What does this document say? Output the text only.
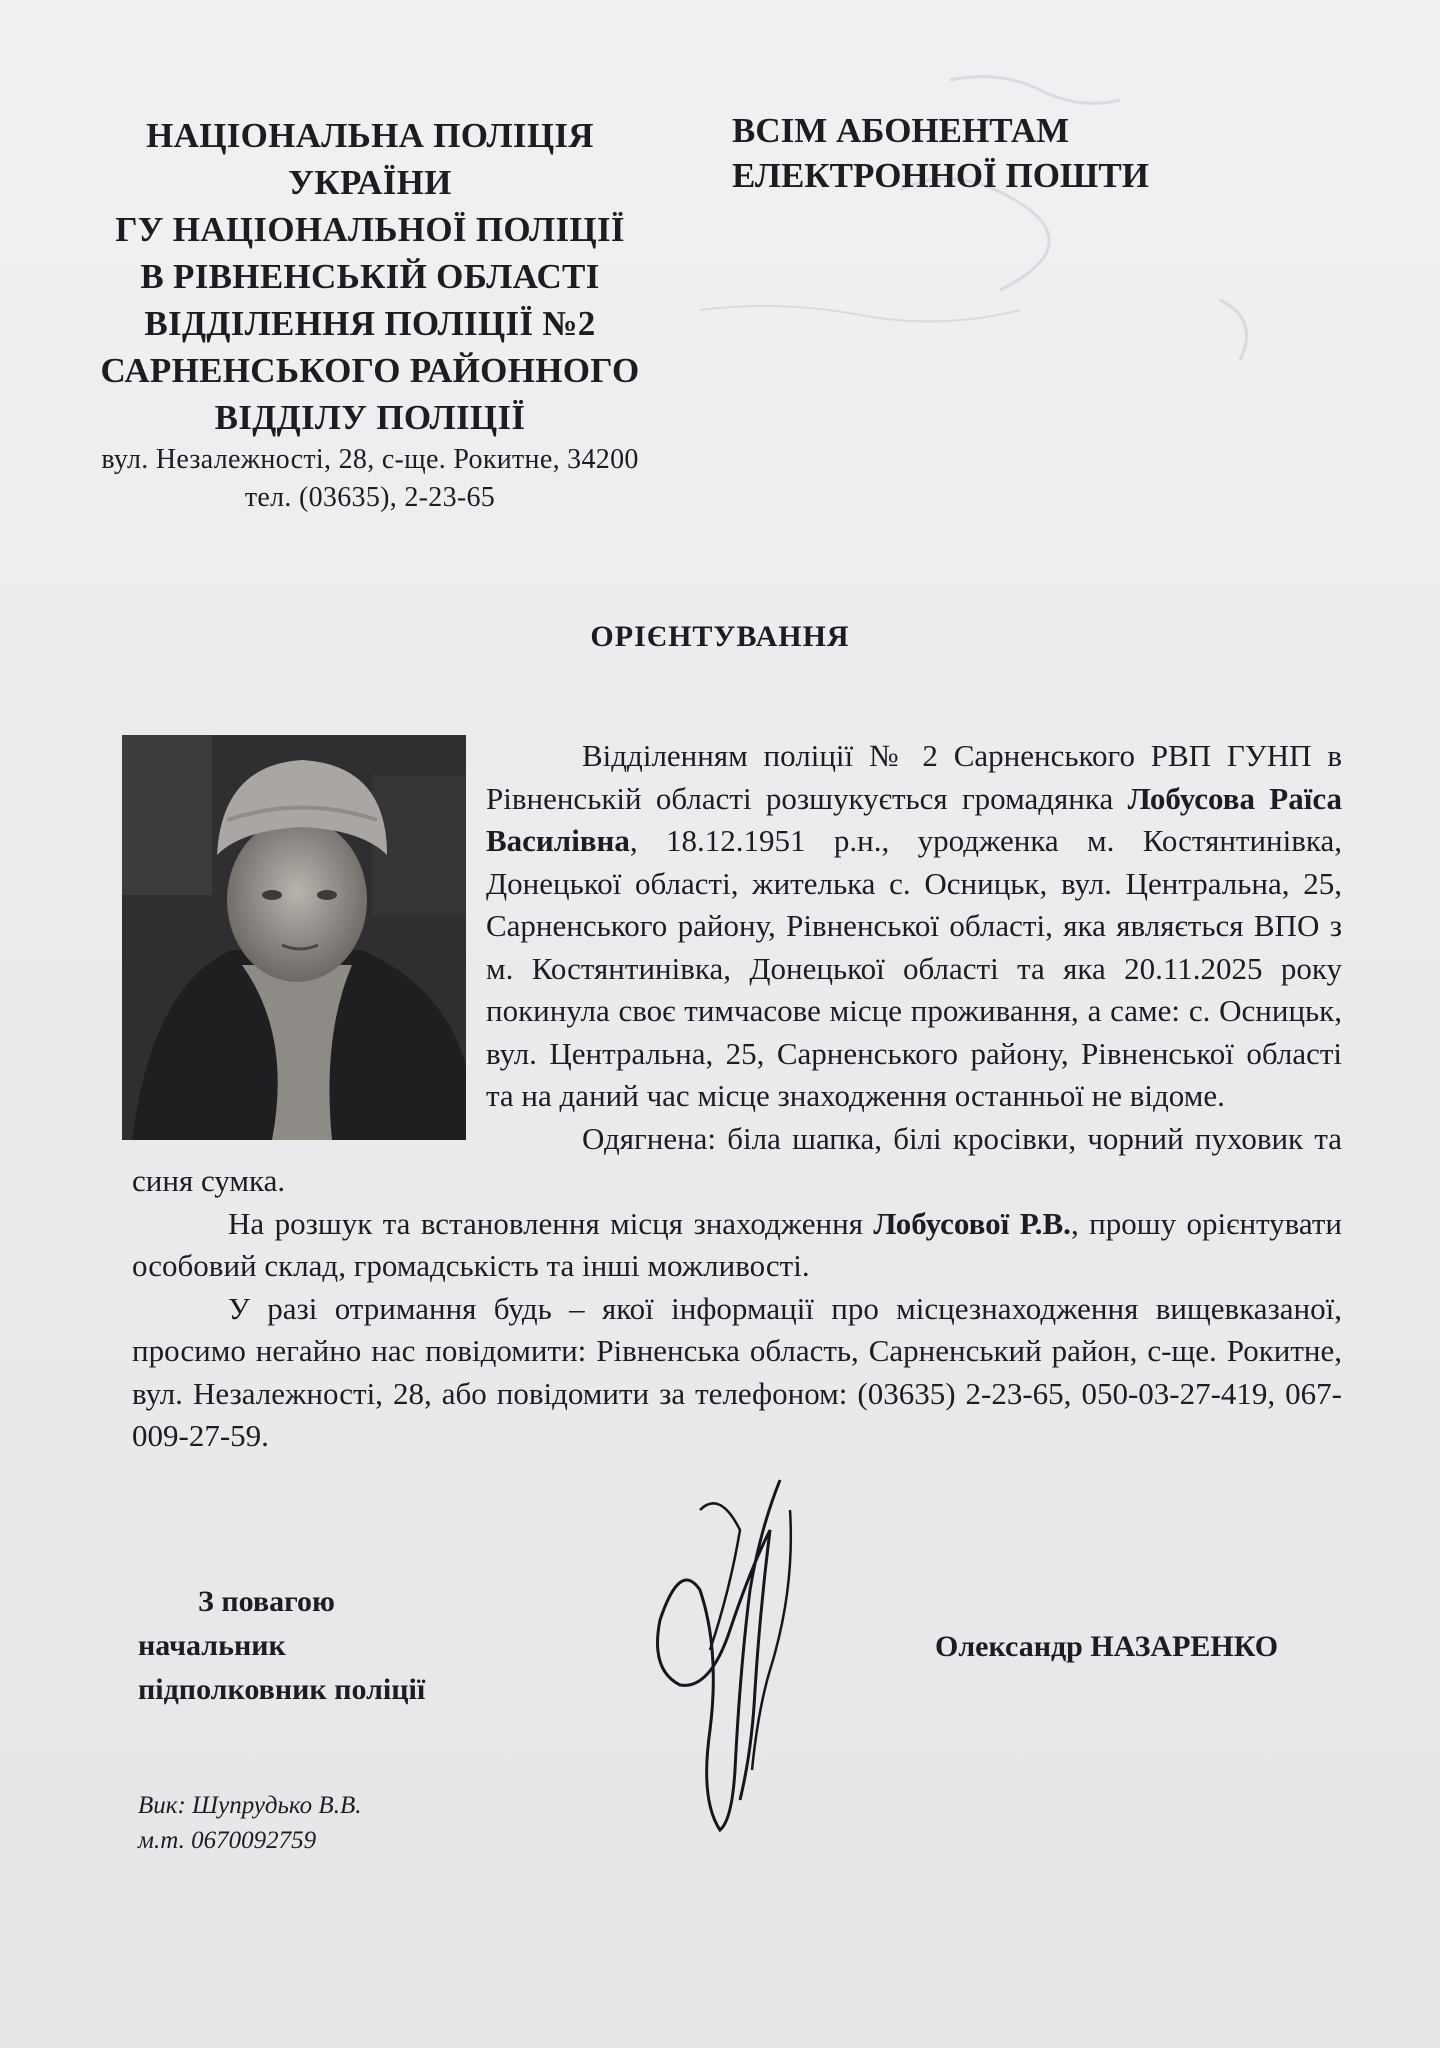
НАЦІОНАЛЬНА ПОЛІЦІЯ
УКРАЇНИ
ГУ НАЦІОНАЛЬНОЇ ПОЛІЦІЇ
В РІВНЕНСЬКІЙ ОБЛАСТІ
ВІДДІЛЕННЯ ПОЛІЦІЇ №2
САРНЕНСЬКОГО РАЙОННОГО
ВІДДІЛУ ПОЛІЦІЇ
вул. Незалежності, 28, с-ще. Рокитне, 34200
тел. (03635), 2-23-65
ВСІМ АБОНЕНТАМ
ЕЛЕКТРОННОЇ ПОШТИ
ОРІЄНТУВАННЯ

Відділенням поліції № 2 Сарненського РВП ГУНП в Рівненській області розшукується громадянка Лобусова Раїса Василівна, 18.12.1951 р.н., уродженка м. Костянтинівка, Донецької області, жителька с. Осницьк, вул. Центральна, 25, Сарненського району, Рівненської області, яка являється ВПО з м. Костянтинівка, Донецької області та яка 20.11.2025 року покинула своє тимчасове місце проживання, а саме: с. Осницьк, вул. Центральна, 25, Сарненського району, Рівненської області та на даний час місце знаходження останньої не відоме.

Одягнена: біла шапка, білі кросівки, чорний пуховик та синя сумка.

На розшук та встановлення місця знаходження Лобусової Р.В., прошу орієнтувати особовий склад, громадськість та інші можливості.

У разі отримання будь – якої інформації про місцезнаходження вищевказаної, просимо негайно нас повідомити: Рівненська область, Сарненський район, с-ще. Рокитне, вул. Незалежності, 28, або повідомити за телефоном: (03635) 2-23-65, 050-03-27-419, 067-009-27-59.

З повагою
начальник
підполковник поліції
Олександр НАЗАРЕНКО
Вик: Шупрудько В.В.
м.т. 0670092759
